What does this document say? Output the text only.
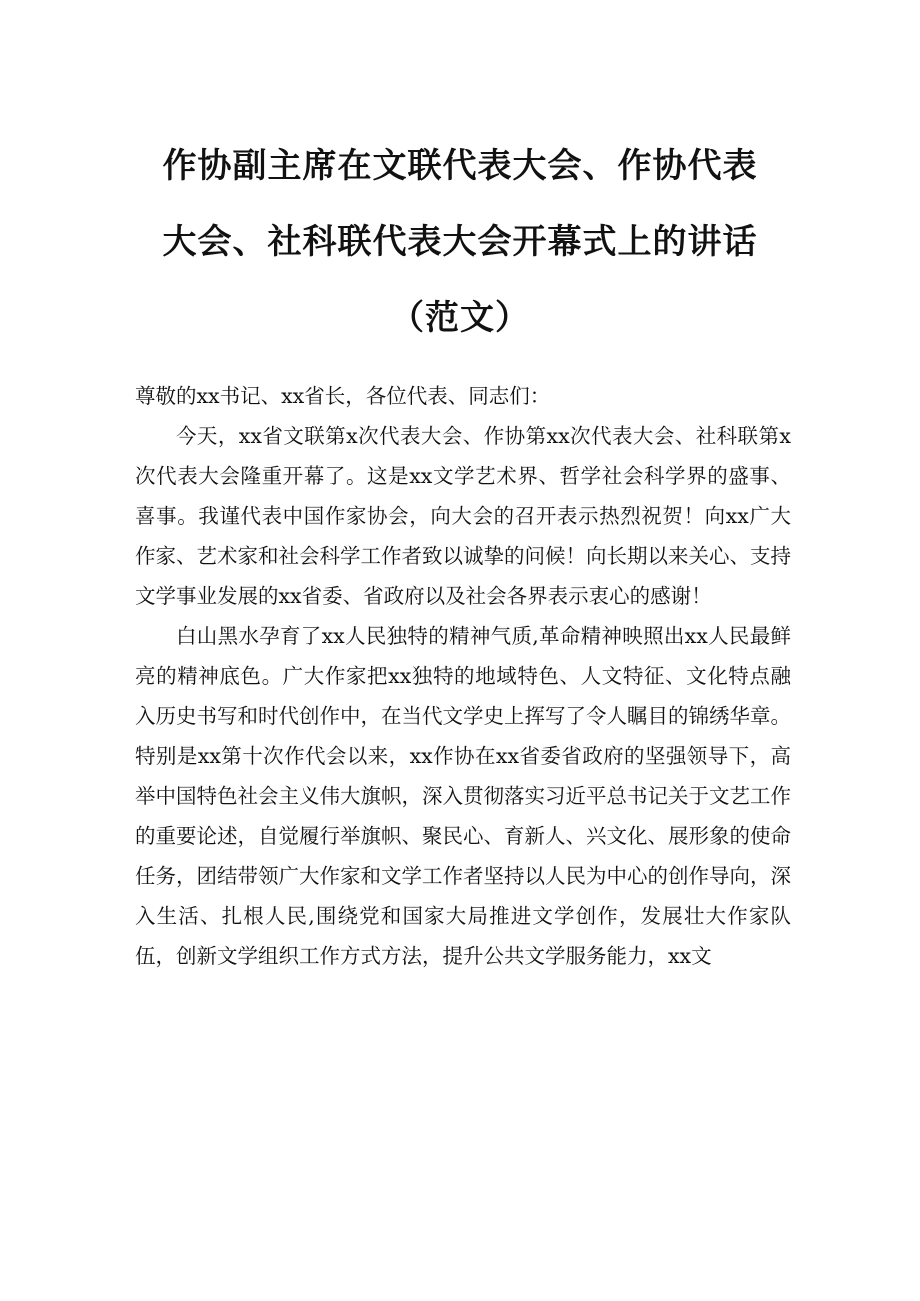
作协副主席在文联代表大会、作协代表大会、社科联代表大会开幕式上的讲话（范文）

尊敬的xx书记、xx省长，各位代表、同志们：

今天，xx省文联第x次代表大会、作协第xx次代表大会、社科联第x次代表大会隆重开幕了。这是xx文学艺术界、哲学社会科学界的盛事、喜事。我谨代表中国作家协会，向大会的召开表示热烈祝贺！向xx广大作家、艺术家和社会科学工作者致以诚挚的问候！向长期以来关心、支持文学事业发展的xx省委、省政府以及社会各界表示衷心的感谢！

白山黑水孕育了xx人民独特的精神气质,革命精神映照出xx人民最鲜亮的精神底色。广大作家把xx独特的地域特色、人文特征、文化特点融入历史书写和时代创作中，在当代文学史上挥写了令人瞩目的锦绣华章。特别是xx第十次作代会以来，xx作协在xx省委省政府的坚强领导下，高举中国特色社会主义伟大旗帜，深入贯彻落实习近平总书记关于文艺工作的重要论述，自觉履行举旗帜、聚民心、育新人、兴文化、展形象的使命任务，团结带领广大作家和文学工作者坚持以人民为中心的创作导向，深入生活、扎根人民,围绕党和国家大局推进文学创作，发展壮大作家队伍，创新文学组织工作方式方法，提升公共文学服务能力，xx文
